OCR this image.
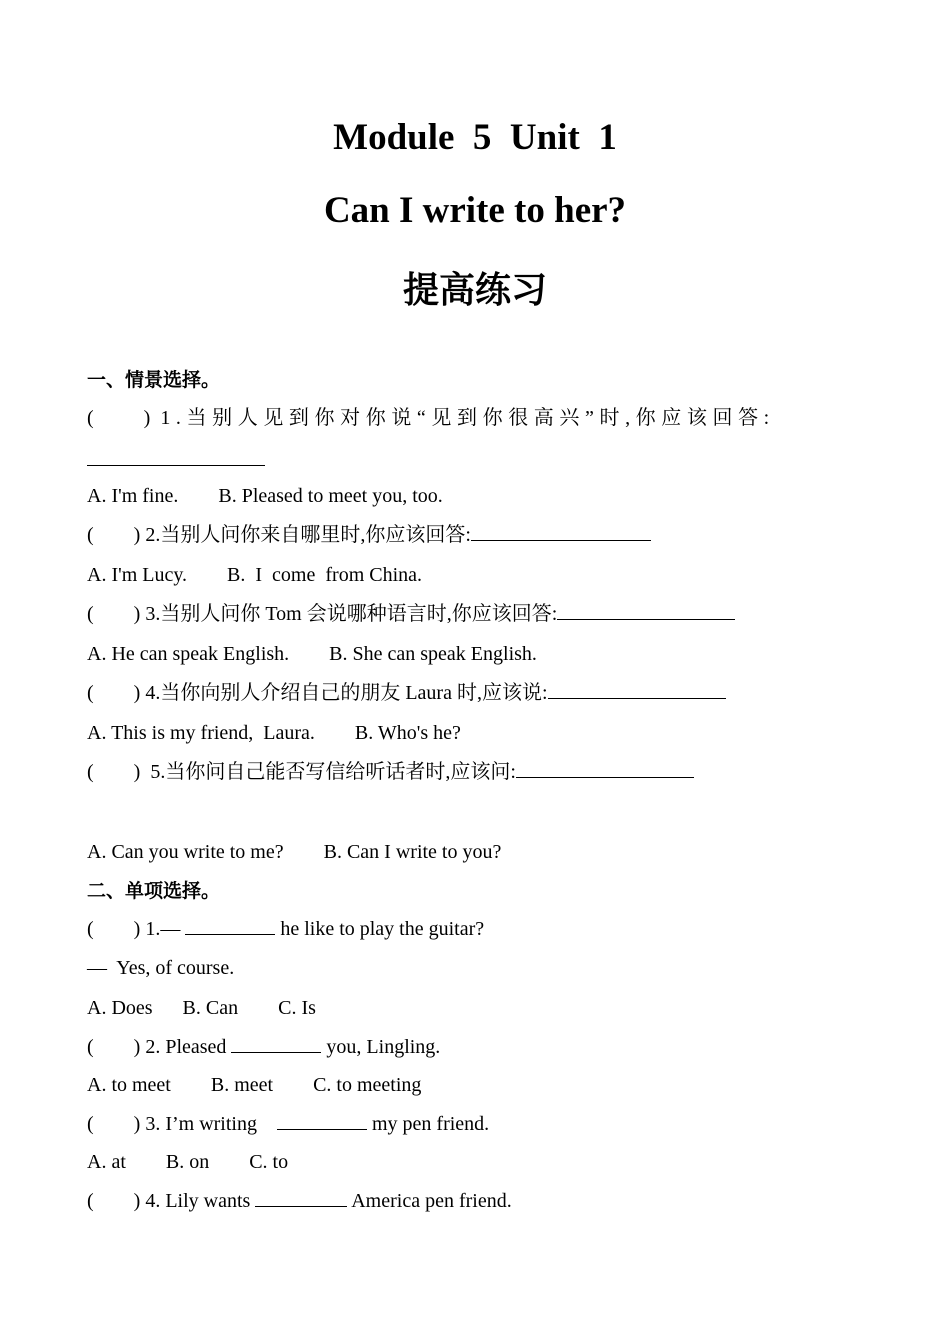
Module  5  Unit  1
Can I write to her?
提高练习
一、情景选择。
(          ) 1.当别人见到你对你说“见到你很高兴”时,你应该回答:
A. I'm fine.        B. Pleased to meet you, too.
(        ) 2.当别人问你来自哪里时,你应该回答:
A. I'm Lucy.        B.  I  come  from China.
(        ) 3.当别人问你 Tom 会说哪种语言时,你应该回答:
A. He can speak English.        B. She can speak English.
(        ) 4.当你向别人介绍自己的朋友 Laura 时,应该说:
A. This is my friend,  Laura.        B. Who's he?
(        ) 5.当你问自己能否写信给听话者时,应该问:
A. Can you write to me?        B. Can I write to you?
二、单项选择。
(        ) 1.—	he like to play the guitar?
—  Yes, of course.
A. Does      B. Can        C. Is
(        ) 2. Pleased	you, Lingling.
A. to meet        B. meet        C. to meeting
(        ) 3. I’m writing	my pen friend.
A. at        B. on        C. to
(        ) 4. Lily wants	America pen friend.
